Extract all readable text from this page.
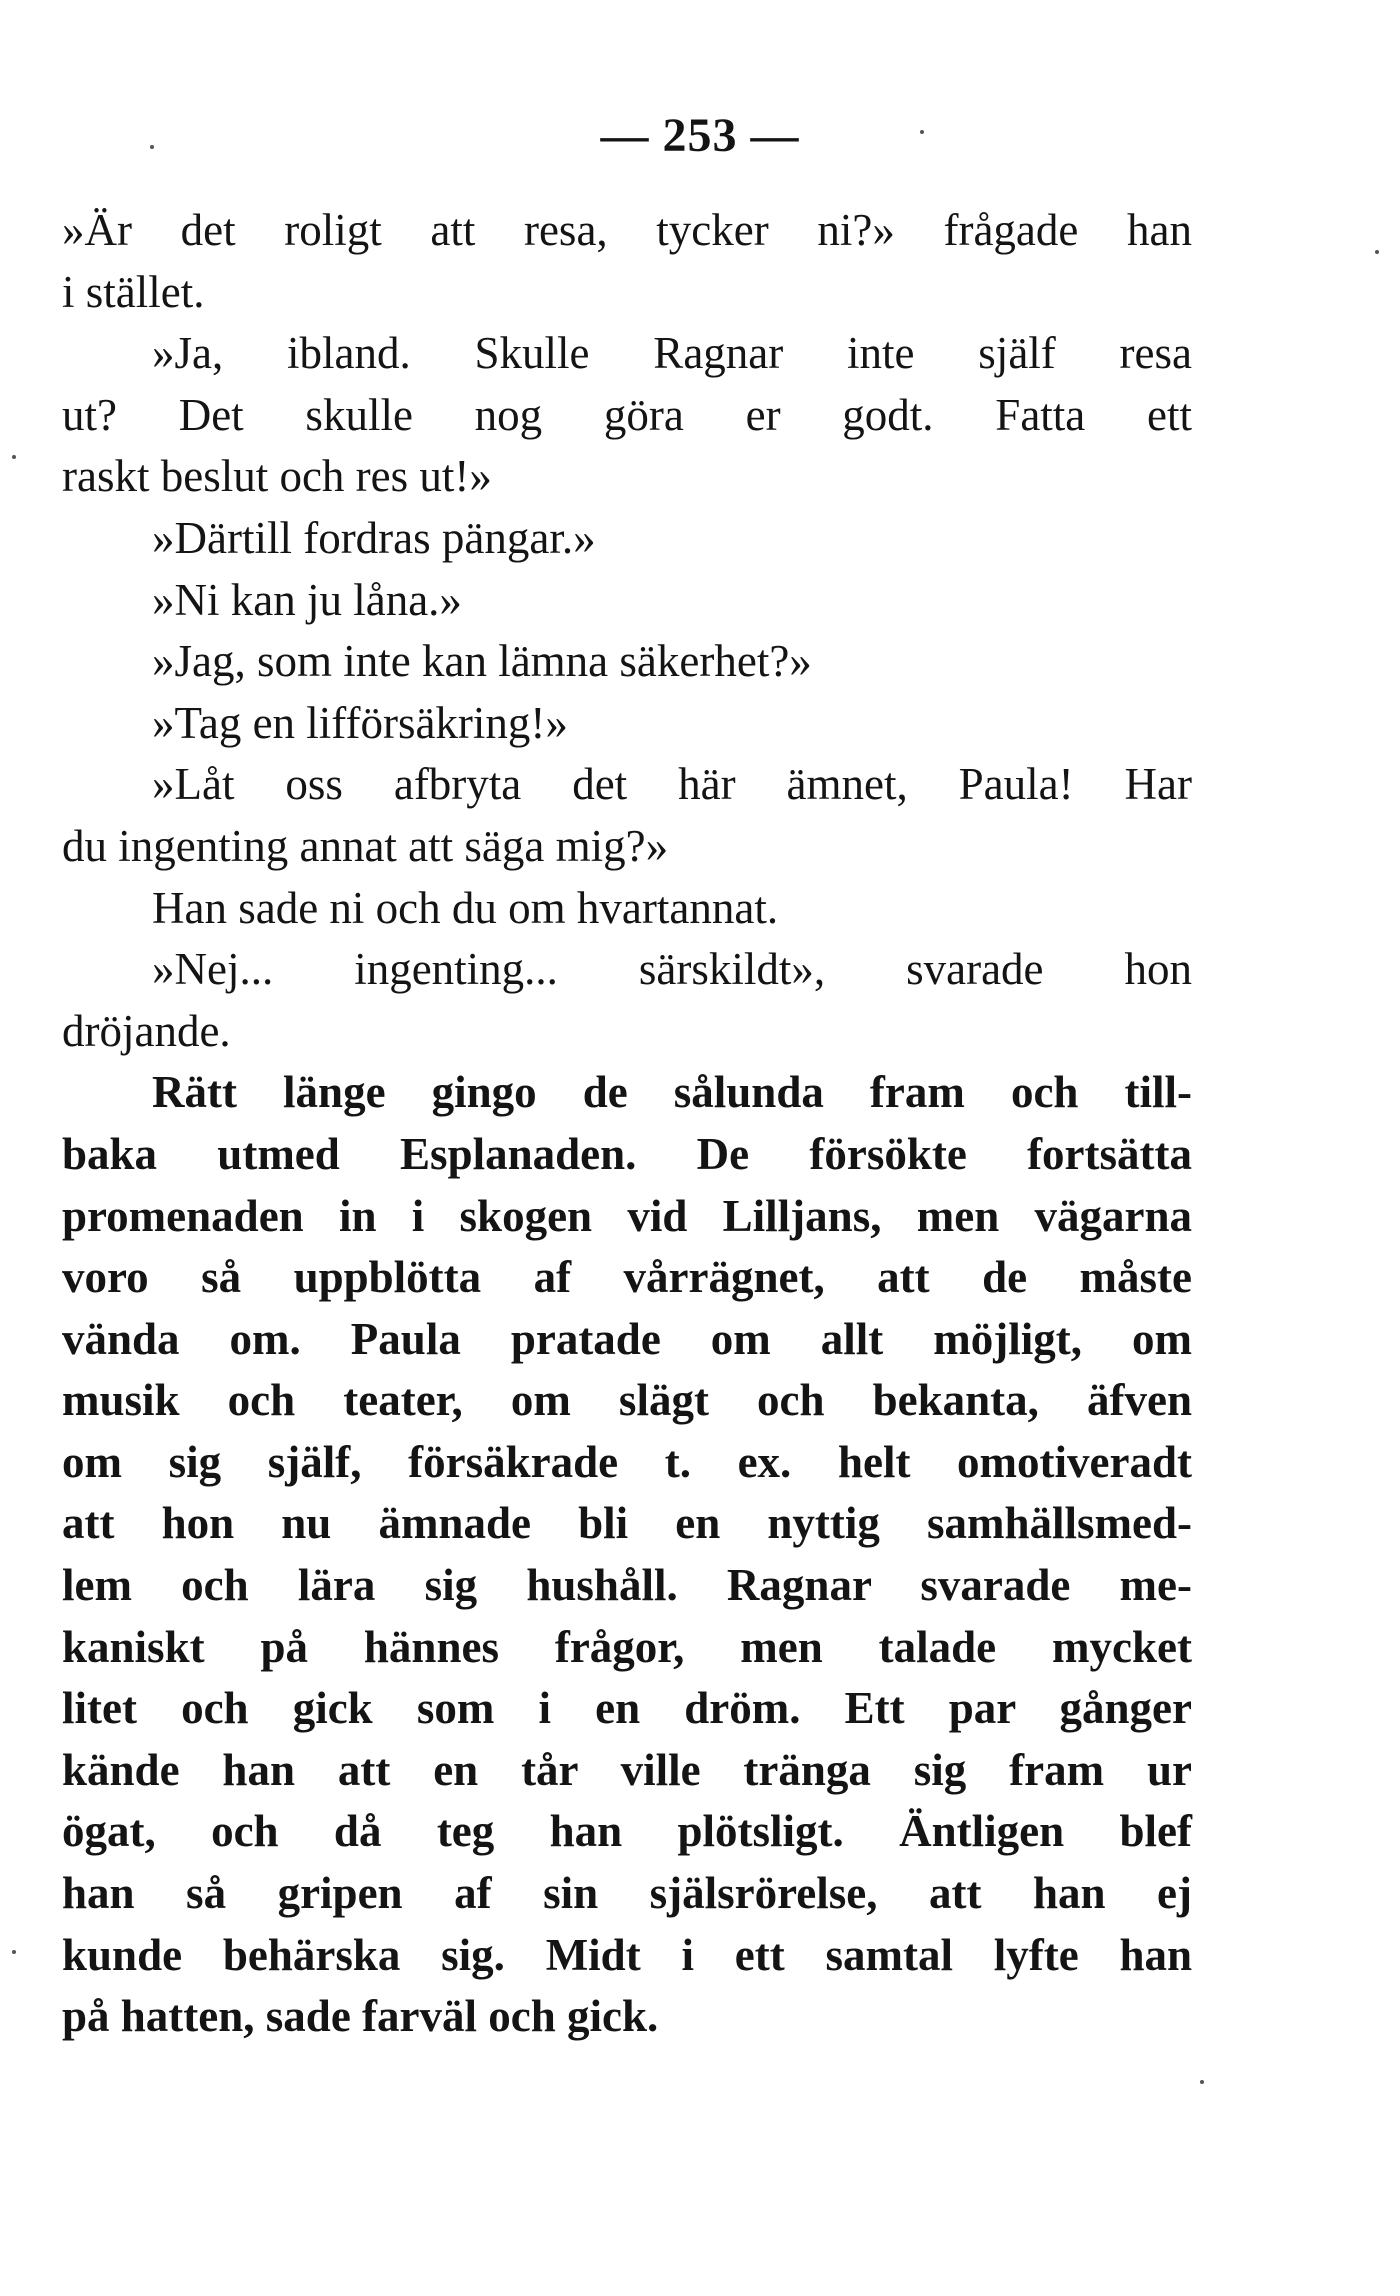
— 253 —
»Är det roligt att resa, tycker ni?» frågade han
i stället.
»Ja, ibland. Skulle Ragnar inte själf resa
ut? Det skulle nog göra er godt. Fatta ett
raskt beslut och res ut!»
»Därtill fordras pängar.»
»Ni kan ju låna.»
»Jag, som inte kan lämna säkerhet?»
»Tag en lifförsäkring!»
»Låt oss afbryta det här ämnet, Paula! Har
du ingenting annat att säga mig?»
Han sade ni och du om hvartannat.
»Nej... ingenting... särskildt», svarade hon
dröjande.
Rätt länge gingo de sålunda fram och till-
baka utmed Esplanaden. De försökte fortsätta
promenaden in i skogen vid Lilljans, men vägarna
voro så uppblötta af vårrägnet, att de måste
vända om. Paula pratade om allt möjligt, om
musik och teater, om slägt och bekanta, äfven
om sig själf, försäkrade t. ex. helt omotiveradt
att hon nu ämnade bli en nyttig samhällsmed-
lem och lära sig hushåll. Ragnar svarade me-
kaniskt på hännes frågor, men talade mycket
litet och gick som i en dröm. Ett par gånger
kände han att en tår ville tränga sig fram ur
ögat, och då teg han plötsligt. Äntligen blef
han så gripen af sin själsrörelse, att han ej
kunde behärska sig. Midt i ett samtal lyfte han
på hatten, sade farväl och gick.
